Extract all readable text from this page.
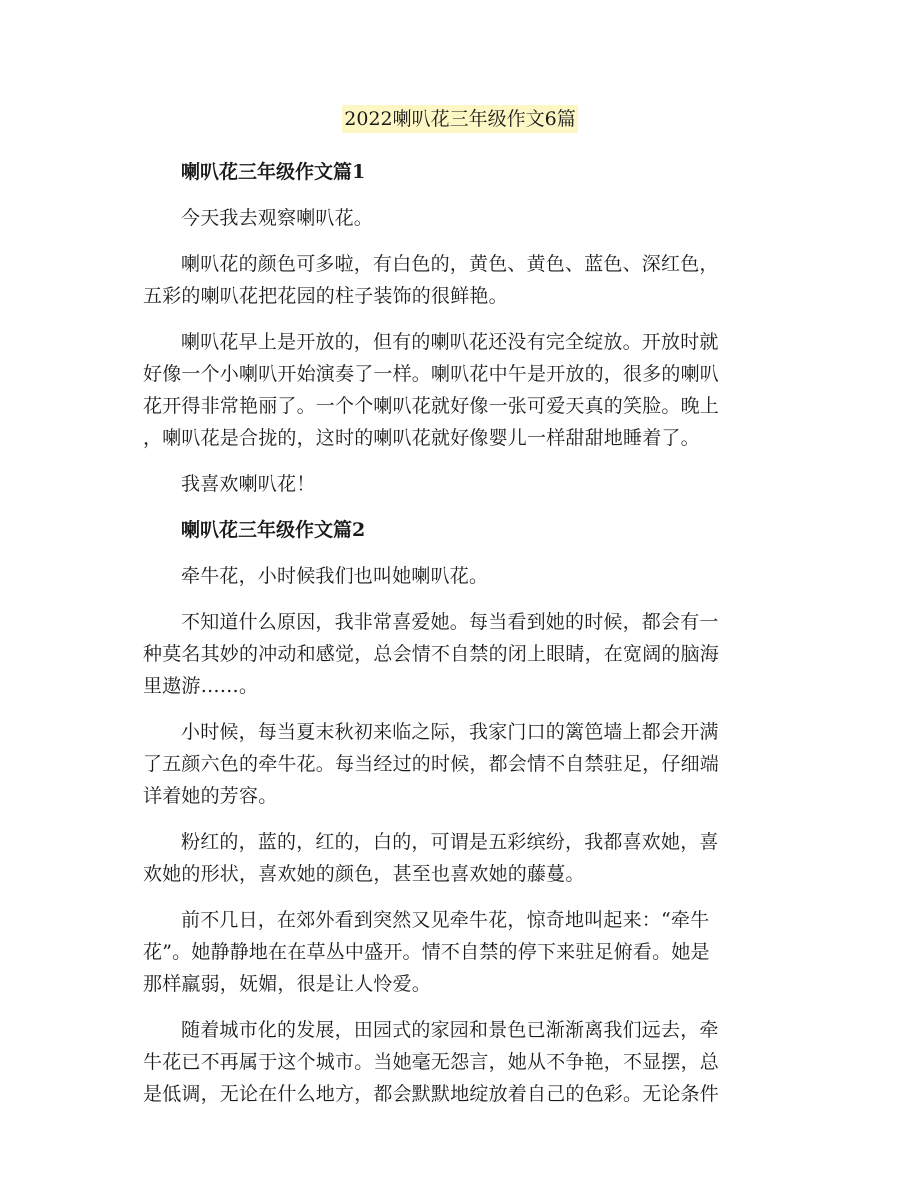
2022喇叭花三年级作文6篇
喇叭花三年级作文篇1
今天我去观察喇叭花。
喇叭花的颜色可多啦，有白色的，黄色、黄色、蓝色、深红色，
五彩的喇叭花把花园的柱子装饰的很鲜艳。
喇叭花早上是开放的，但有的喇叭花还没有完全绽放。开放时就
好像一个小喇叭开始演奏了一样。喇叭花中午是开放的，很多的喇叭
花开得非常艳丽了。一个个喇叭花就好像一张可爱天真的笑脸。晚上
，喇叭花是合拢的，这时的喇叭花就好像婴儿一样甜甜地睡着了。
我喜欢喇叭花！
喇叭花三年级作文篇2
牵牛花，小时候我们也叫她喇叭花。
不知道什么原因，我非常喜爱她。每当看到她的时候，都会有一
种莫名其妙的冲动和感觉，总会情不自禁的闭上眼睛，在宽阔的脑海
里遨游……。
小时候，每当夏末秋初来临之际，我家门口的篱笆墙上都会开满
了五颜六色的牵牛花。每当经过的时候，都会情不自禁驻足，仔细端
详着她的芳容。
粉红的，蓝的，红的，白的，可谓是五彩缤纷，我都喜欢她，喜
欢她的形状，喜欢她的颜色，甚至也喜欢她的藤蔓。
前不几日，在郊外看到突然又见牵牛花，惊奇地叫起来：“牵牛
花”。她静静地在在草丛中盛开。情不自禁的停下来驻足俯看。她是
那样羸弱，妩媚，很是让人怜爱。
随着城市化的发展，田园式的家园和景色已渐渐离我们远去，牵
牛花已不再属于这个城市。当她毫无怨言，她从不争艳，不显摆，总
是低调，无论在什么地方，都会默默地绽放着自己的色彩。无论条件
